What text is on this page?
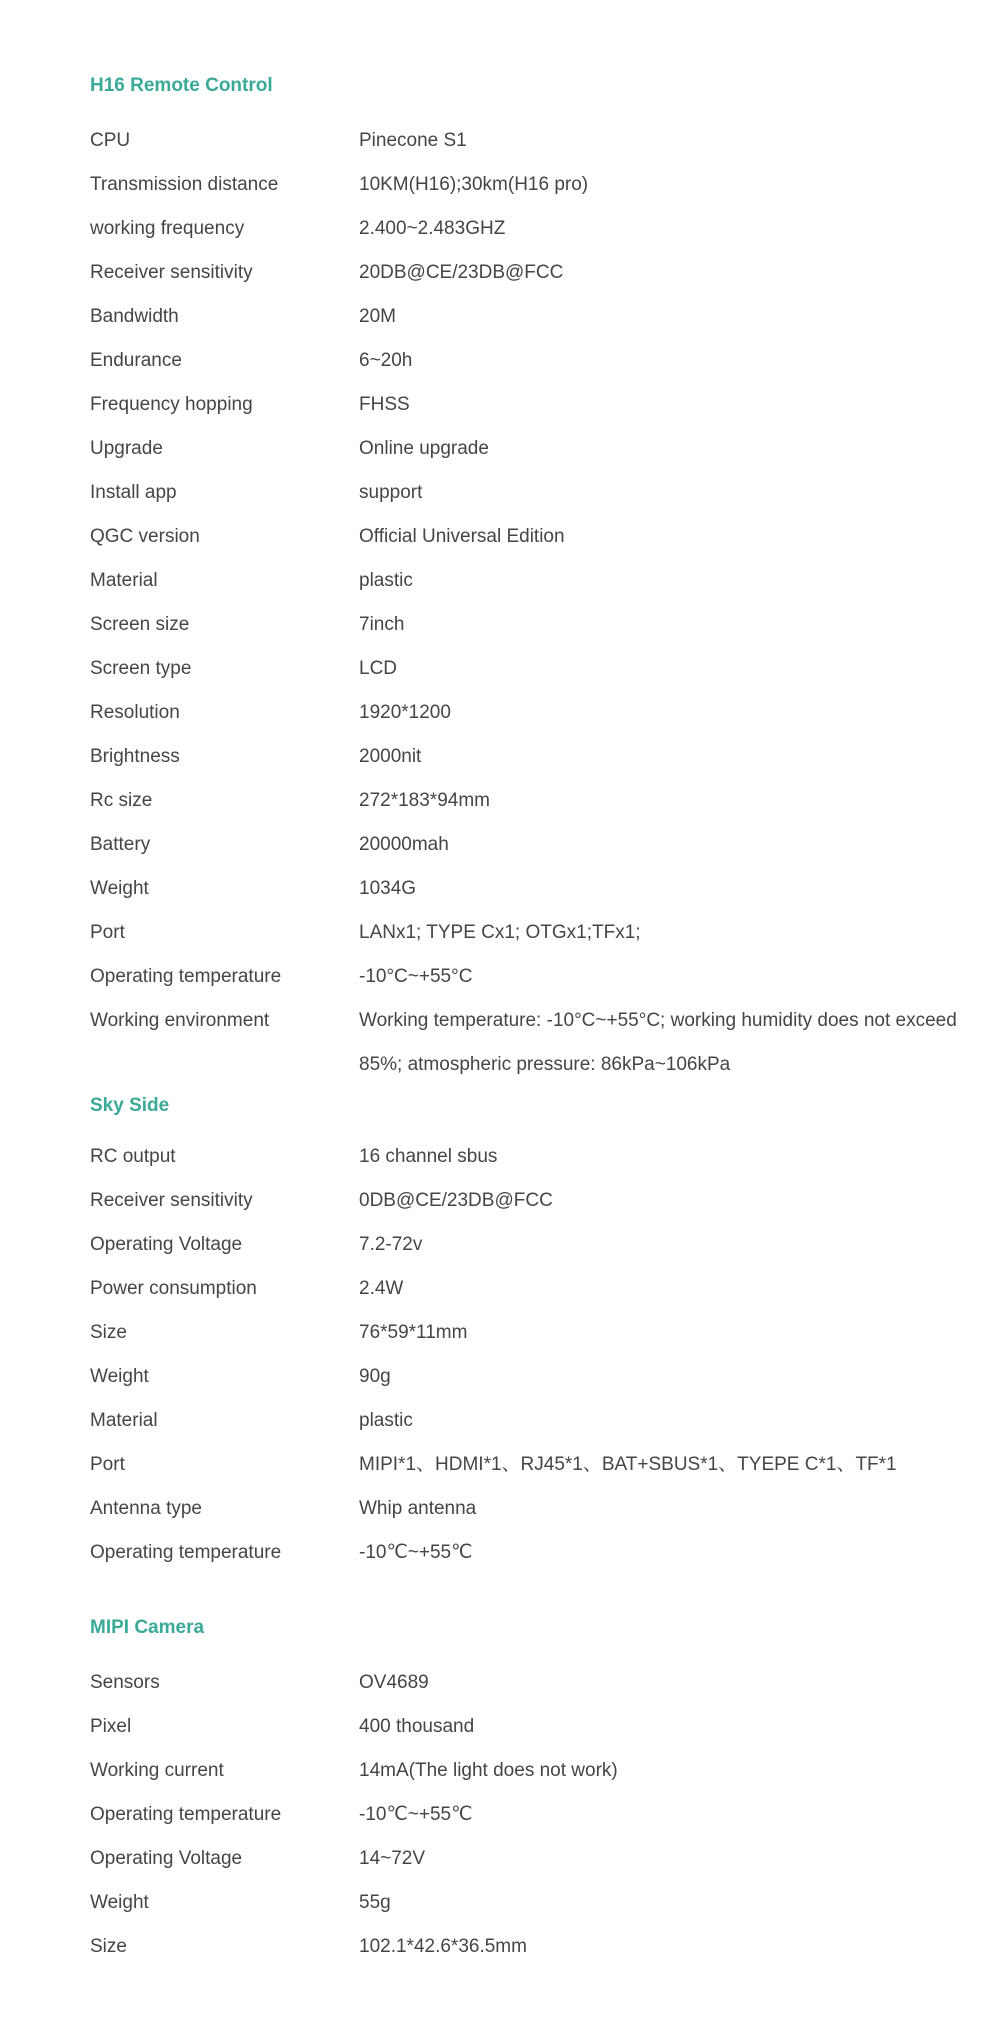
H16 Remote Control
CPU	Pinecone S1
Transmission distance	10KM(H16);30km(H16 pro)
working frequency	2.400~2.483GHZ
Receiver sensitivity	20DB@CE/23DB@FCC
Bandwidth	20M
Endurance	6~20h
Frequency hopping	FHSS
Upgrade	Online upgrade
Install app	support
QGC version	Official Universal Edition
Material	plastic
Screen size	7inch
Screen type	LCD
Resolution	1920*1200
Brightness	2000nit
Rc size	272*183*94mm
Battery	20000mah
Weight	1034G
Port	LANx1; TYPE Cx1; OTGx1;TFx1;
Operating temperature	-10°C~+55°C
Working environment	Working temperature: -10°C~+55°C; working humidity does not exceed 85%; atmospheric pressure: 86kPa~106kPa
Sky Side
RC output	16 channel sbus
Receiver sensitivity	0DB@CE/23DB@FCC
Operating Voltage	7.2-72v
Power consumption	2.4W
Size	76*59*11mm
Weight	90g
Material	plastic
Port	MIPI*1、HDMI*1、RJ45*1、BAT+SBUS*1、TYEPE C*1、TF*1
Antenna type	Whip antenna
Operating temperature	-10℃~+55℃
MIPI Camera
Sensors	OV4689
Pixel	400 thousand
Working current	14mA(The light does not work)
Operating temperature	-10℃~+55℃
Operating Voltage	14~72V
Weight	55g
Size	102.1*42.6*36.5mm
